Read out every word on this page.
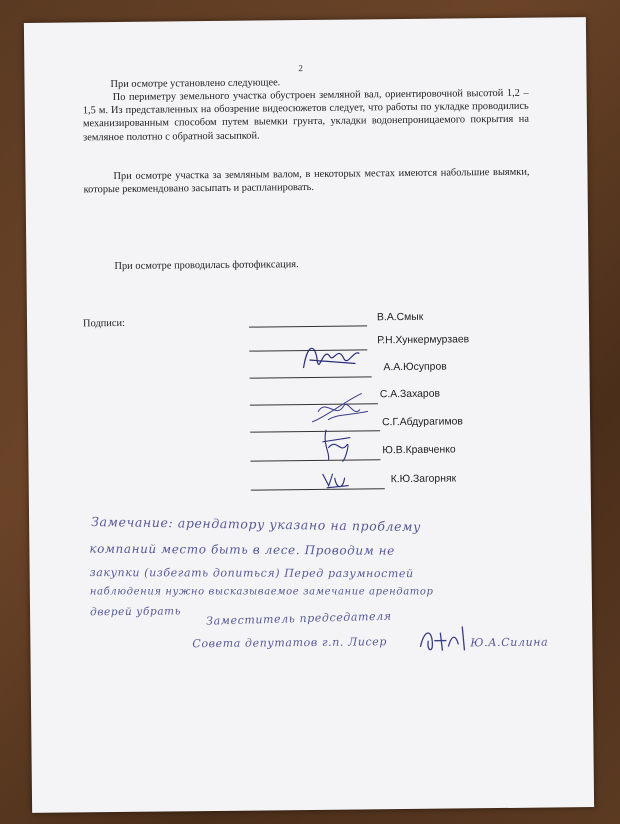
2
При осмотре установлено следующее.
По периметру земельного участка обустроен земляной вал, ориентировочной высотой 1,2 – 1,5 м. Из представленных на обозрение видеосюжетов следует, что работы по укладке проводились механизированным способом путем выемки грунта, укладки водонепроницаемого покрытия на земляное полотно с обратной засыпкой.
При осмотре участка за земляным валом, в некоторых местах имеются набольшие выямки, которые рекомендовано засыпать и распланировать.
При осмотре проводилась фотофиксация.
Подписи:
В.А.Смык
Р.Н.Хункермурзаев
А.А.Юсупров
С.А.Захаров
С.Г.Абдурагимов
Ю.В.Кравченко
К.Ю.Загорняк
Замечание: арендатору указано на проблему
компаний место быть в лесе. Проводим не
закупки (избегать допиться) Перед разумностей
наблюдения нужно высказываемое замечание арендатор
дверей убрать Заместитель председателя
Совета депутатов г.п. Лисер	Ю.А.Силина
